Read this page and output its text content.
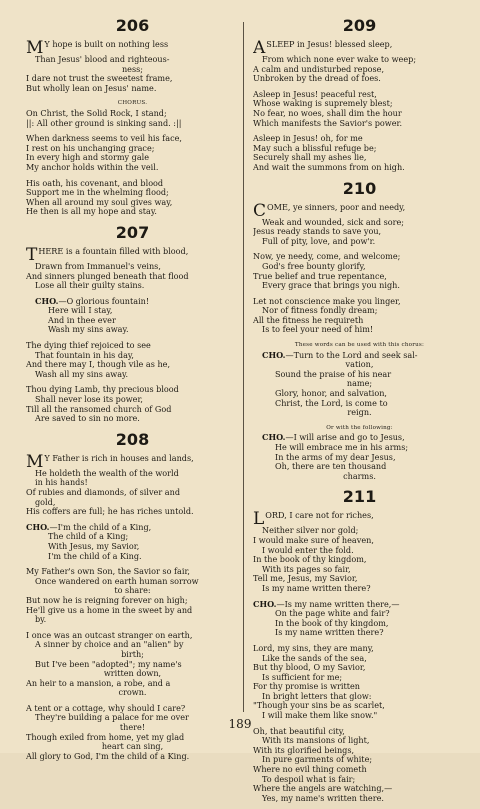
206
M Y hope is built on nothing less
Than Jesus' blood and righteous-
ness;
I dare not trust the sweetest frame,
But wholly lean on Jesus' name.
CHORUS.
On Christ, the Solid Rock, I stand;
||: All other ground is sinking sand. :||
When darkness seems to veil his face,
I rest on his unchanging grace;
In every high and stormy gale
My anchor holds within the veil.
His oath, his covenant, and blood
Support me in the whelming flood;
When all around my soul gives way,
He then is all my hope and stay.
207
THERE is a fountain filled with blood,
Drawn from Immanuel's veins,
And sinners plunged beneath that flood
Lose all their guilty stains.
CHO.—O glorious fountain!
Here will I stay,
And in thee ever
Wash my sins away.
The dying thief rejoiced to see
That fountain in his day,
And there may I, though vile as he,
Wash all my sins away.
Thou dying Lamb, thy precious blood
Shall never lose its power,
Till all the ransomed church of God
Are saved to sin no more.
208
M Y Father is rich in houses and lands,
He holdeth the wealth of the world
in his hands!
Of rubies and diamonds, of silver and
gold,
His coffers are full; he has riches untold.
CHO.—I'm the child of a King,
The child of a King;
With Jesus, my Savior,
I'm the child of a King.
My Father's own Son, the Savior so fair,
Once wandered on earth human sorrow
to share:
But now he is reigning forever on high;
He'll give us a home in the sweet by and
by.
I once was an outcast stranger on earth,
A sinner by choice and an "alien" by
birth;
But I've been "adopted"; my name's
written down,
An heir to a mansion, a robe, and a
crown.
A tent or a cottage, why should I care?
They're building a palace for me over
there!
Though exiled from home, yet my glad
heart can sing,
All glory to God, I'm the child of a King.
209
ASLEEP in Jesus! blessed sleep,
From which none ever wake to weep;
A calm and undisturbed repose,
Unbroken by the dread of foes.
Asleep in Jesus! peaceful rest,
Whose waking is supremely blest;
No fear, no woes, shall dim the hour
Which manifests the Savior's power.
Asleep in Jesus! oh, for me
May such a blissful refuge be;
Securely shall my ashes lie,
And wait the summons from on high.
210
COME, ye sinners, poor and needy,
Weak and wounded, sick and sore;
Jesus ready stands to save you,
Full of pity, love, and pow'r.
Now, ye needy, come, and welcome;
God's free bounty glorify,
True belief and true repentance,
Every grace that brings you nigh.
Let not conscience make you linger,
Nor of fitness fondly dream;
All the fitness he requireth
Is to feel your need of him!
These words can be used with this chorus:
CHO.—Turn to the Lord and seek sal-
vation,
Sound the praise of his near
name;
Glory, honor, and salvation,
Christ, the Lord, is come to
reign.
Or with the following:
CHO.—I will arise and go to Jesus,
He will embrace me in his arms;
In the arms of my dear Jesus,
Oh, there are ten thousand
charms.
211
LORD, I care not for riches,
Neither silver nor gold;
I would make sure of heaven,
I would enter the fold.
In the book of thy kingdom,
With its pages so fair,
Tell me, Jesus, my Savior,
Is my name written there?
CHO.—Is my name written there,—
On the page white and fair?
In the book of thy kingdom,
Is my name written there?
Lord, my sins, they are many,
Like the sands of the sea,
But thy blood, O my Savior,
Is sufficient for me;
For thy promise is written
In bright letters that glow:
"Though your sins be as scarlet,
I will make them like snow."
Oh, that beautiful city,
With its mansions of light,
With its glorified beings,
In pure garments of white;
Where no evil thing cometh
To despoil what is fair;
Where the angels are watching,—
Yes, my name's written there.
189
